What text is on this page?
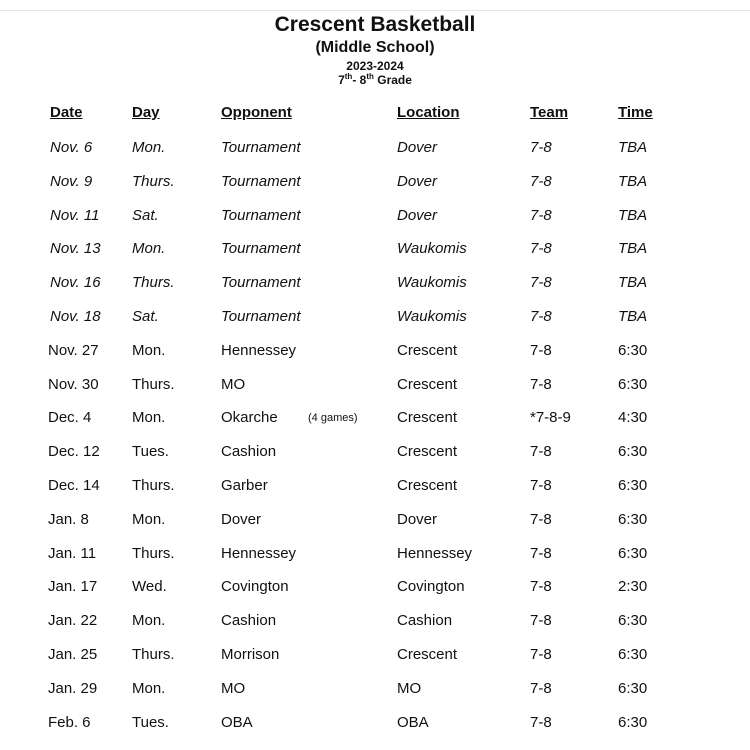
Crescent Basketball
(Middle School)
2023-2024
7th- 8th Grade
Date	Day	Opponent	Location	Team	Time
Nov. 6	Mon.	Tournament	Dover	7-8	TBA
Nov. 9	Thurs.	Tournament	Dover	7-8	TBA
Nov. 11 Sat.	Tournament	Dover	7-8	TBA
Nov. 13 Mon.	Tournament	Waukomis	7-8	TBA
Nov. 16 Thurs.	Tournament	Waukomis	7-8	TBA
Nov. 18 Sat.	Tournament	Waukomis	7-8	TBA
Nov. 27 Mon.	Hennessey	Crescent	7-8	6:30
Nov. 30 Thurs.	MO	Crescent	7-8	6:30
Dec. 4	Mon.	Okarche	Crescent	*7-8-9	4:30
(4 games)
Dec. 12 Tues.	Cashion	Crescent	7-8	6:30
Dec. 14 Thurs.	Garber	Crescent	7-8	6:30
Jan. 8	Mon.	Dover	Dover	7-8	6:30
Jan. 11 Thurs.	Hennessey	Hennessey	7-8	6:30
Jan. 17 Wed.	Covington	Covington	7-8	2:30
Jan. 22 Mon.	Cashion	Cashion	7-8	6:30
Jan. 25 Thurs.	Morrison	Crescent	7-8	6:30
Jan. 29 Mon.	MO	MO	7-8	6:30
Feb. 6	Tues.	OBA	OBA	7-8	6:30
